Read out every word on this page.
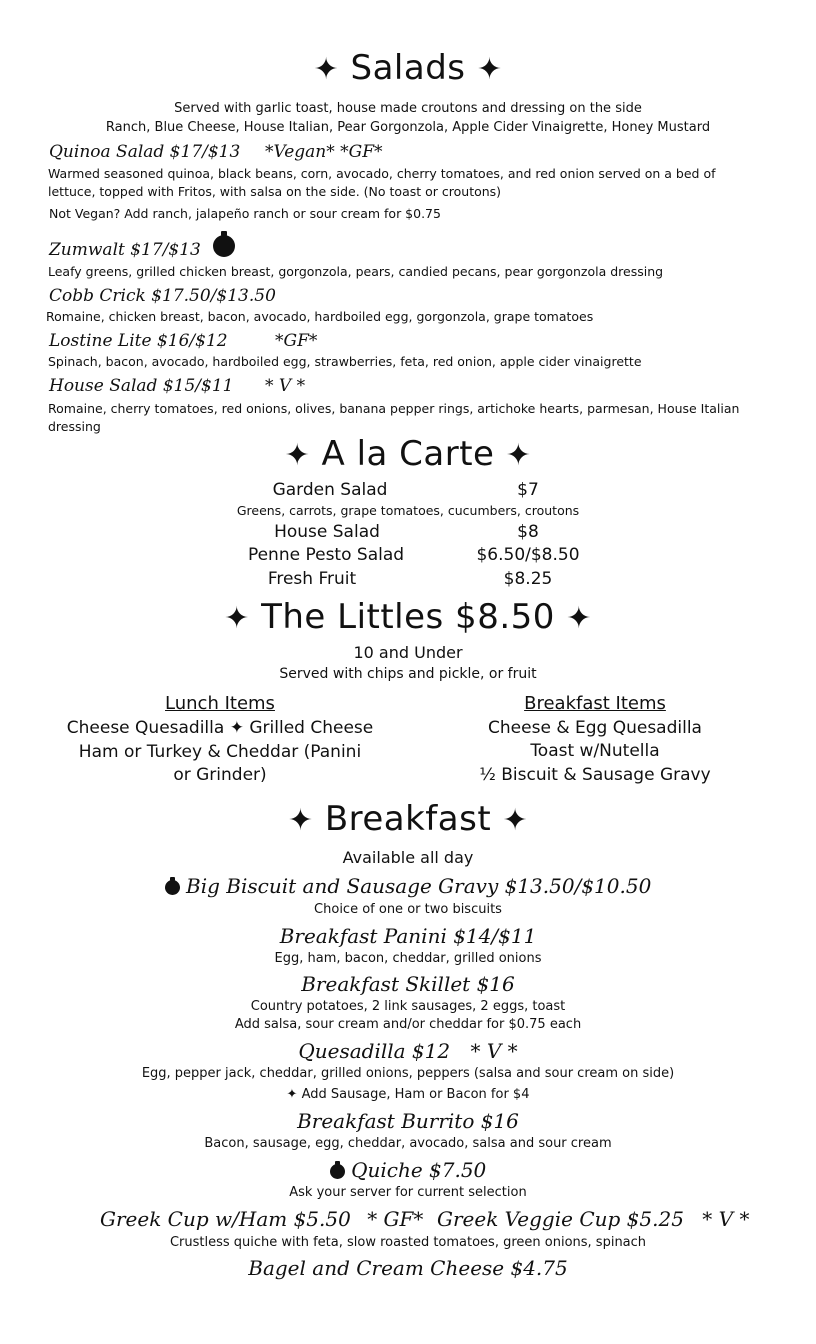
✦ Salads ✦
Served with garlic toast, house made croutons and dressing on the side
Ranch, Blue Cheese, House Italian, Pear Gorgonzola, Apple Cider Vinaigrette, Honey Mustard
Quinoa Salad $17/$13 *Vegan* *GF*
Warmed seasoned quinoa, black beans, corn, avocado, cherry tomatoes, and red onion served on a bed of lettuce, topped with Fritos, with salsa on the side. (No toast or croutons)
Not Vegan? Add ranch, jalapeño ranch or sour cream for $0.75
Zumwalt $17/$13
Leafy greens, grilled chicken breast, gorgonzola, pears, candied pecans, pear gorgonzola dressing
Cobb Crick $17.50/$13.50
Romaine, chicken breast, bacon, avocado, hardboiled egg, gorgonzola, grape tomatoes
Lostine Lite $16/$12	*GF*
Spinach, bacon, avocado, hardboiled egg, strawberries, feta, red onion, apple cider vinaigrette
House Salad $15/$11 * V *
Romaine, cherry tomatoes, red onions, olives, banana pepper rings, artichoke hearts, parmesan, House Italian dressing
✦ A la Carte ✦
Garden Salad	$7
Greens, carrots, grape tomatoes, cucumbers, croutons
House Salad	$8
Penne Pesto Salad	$6.50/$8.50
Fresh Fruit	$8.25
✦ The Littles $8.50 ✦
10 and Under
Served with chips and pickle, or fruit
Lunch Items
Cheese Quesadilla ✦ Grilled Cheese
Ham or Turkey & Cheddar (Panini or Grinder)
Breakfast Items
Cheese & Egg Quesadilla
Toast w/Nutella
½ Biscuit & Sausage Gravy
✦ Breakfast ✦
Available all day
Big Biscuit and Sausage Gravy $13.50/$10.50
Choice of one or two biscuits
Breakfast Panini $14/$11
Egg, ham, bacon, cheddar, grilled onions
Breakfast Skillet $16
Country potatoes, 2 link sausages, 2 eggs, toast
Add salsa, sour cream and/or cheddar for $0.75 each
Quesadilla $12 * V *
Egg, pepper jack, cheddar, grilled onions, peppers (salsa and sour cream on side)
✦ Add Sausage, Ham or Bacon for $4
Breakfast Burrito $16
Bacon, sausage, egg, cheddar, avocado, salsa and sour cream
Quiche $7.50
Ask your server for current selection
Greek Cup w/Ham $5.50 * GF* Greek Veggie Cup $5.25 * V *
Crustless quiche with feta, slow roasted tomatoes, green onions, spinach
Bagel and Cream Cheese $4.75
